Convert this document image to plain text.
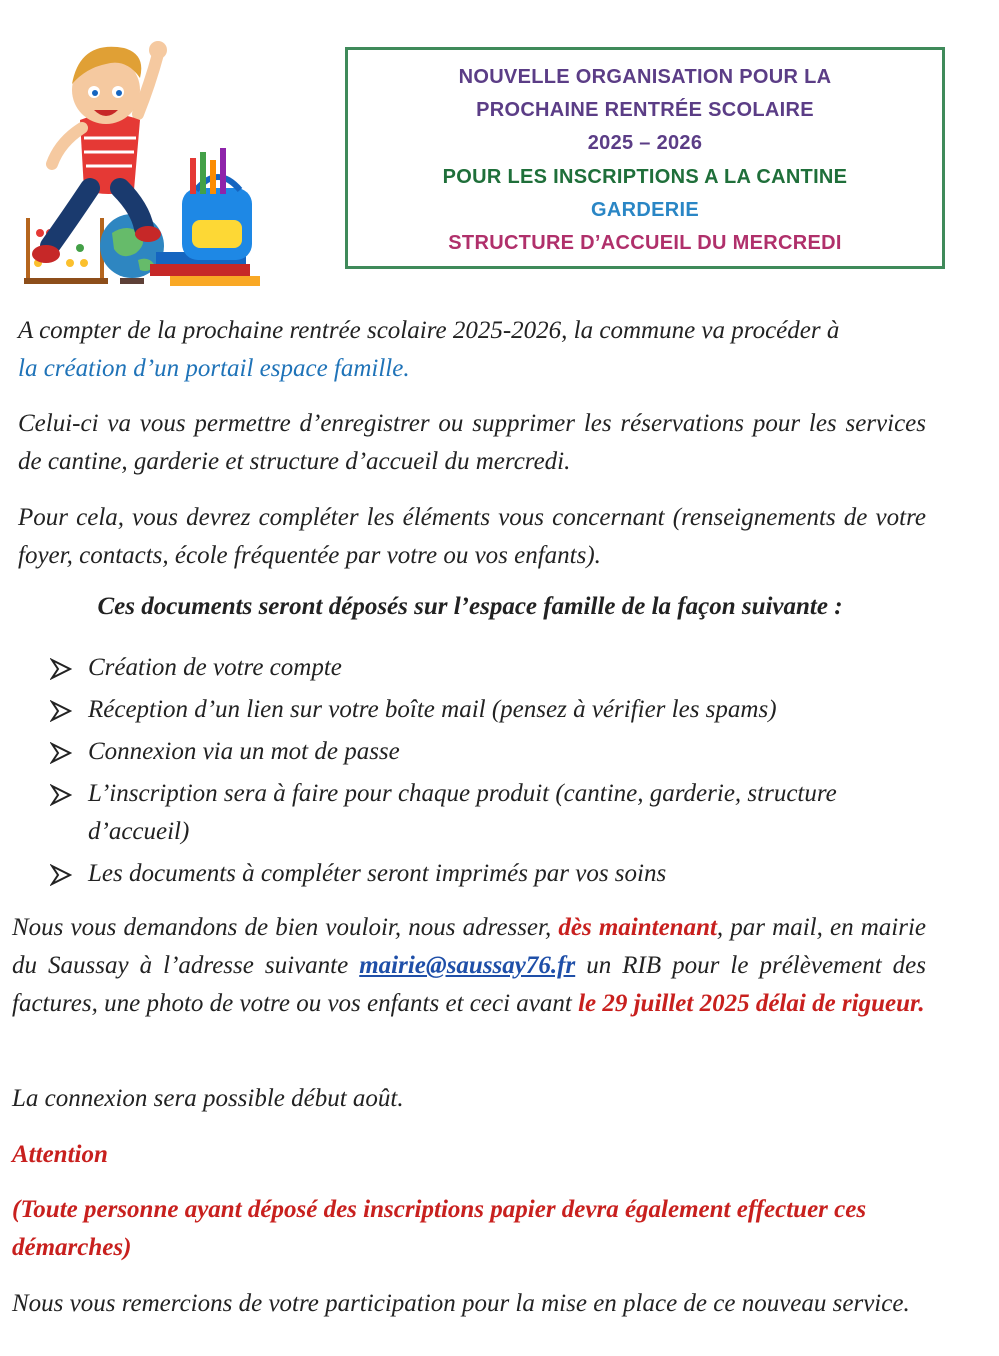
NOUVELLE ORGANISATION POUR LA
PROCHAINE RENTRÉE SCOLAIRE
2025 – 2026
POUR LES INSCRIPTIONS A LA CANTINE
GARDERIE
STRUCTURE D’ACCUEIL DU MERCREDI
A compter de la prochaine rentrée scolaire 2025-2026, la commune va procéder à
la création d’un portail espace famille.
Celui-ci va vous permettre d’enregistrer ou supprimer les réservations pour les services de cantine, garderie et structure d’accueil du mercredi.
Pour cela, vous devrez compléter les éléments vous concernant (renseignements de votre foyer, contacts, école fréquentée par votre ou vos enfants).
Ces documents seront déposés sur l’espace famille de la façon suivante :
Création de votre compte
Réception d’un lien sur votre boîte mail (pensez à vérifier les spams)
Connexion via un mot de passe
L’inscription sera à faire pour chaque produit (cantine, garderie, structure d’accueil)
Les documents à compléter seront imprimés par vos soins
Nous vous demandons de bien vouloir, nous adresser, dès maintenant, par mail, en mairie du Saussay à l’adresse suivante mairie@saussay76.fr un RIB pour le prélèvement des factures, une photo de votre ou vos enfants et ceci avant le 29 juillet 2025 délai de rigueur.
La connexion sera possible début août.
Attention
(Toute personne ayant déposé des inscriptions papier devra également effectuer ces démarches)
Nous vous remercions de votre participation pour la mise en place de ce nouveau service.
